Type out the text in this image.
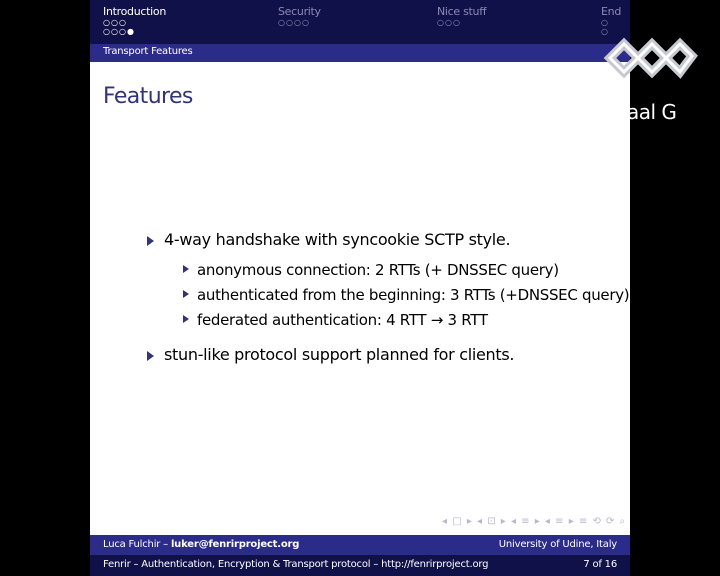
Introduction
○○○
○○○●
Security
○○○○
Nice stuff
○○○
End
○
○
Transport Features
Features
4-way handshake with syncookie SCTP style.
anonymous connection: 2 RTTs (+ DNSSEC query)
authenticated from the beginning: 3 RTTs (+DNSSEC query)
federated authentication: 4 RTT → 3 RTT
stun-like protocol support planned for clients.
◂ □ ▸ ◂ ⊡ ▸ ◂ ≡ ▸ ◂ ≡ ▸ ≡ ⟲ ⟳ ⌕
Luca Fulchir – luker@fenrirproject.org	University of Udine, Italy
Fenrir – Authentication, Encryption & Transport protocol – http://fenrirproject.org	7 of 16
aal G
